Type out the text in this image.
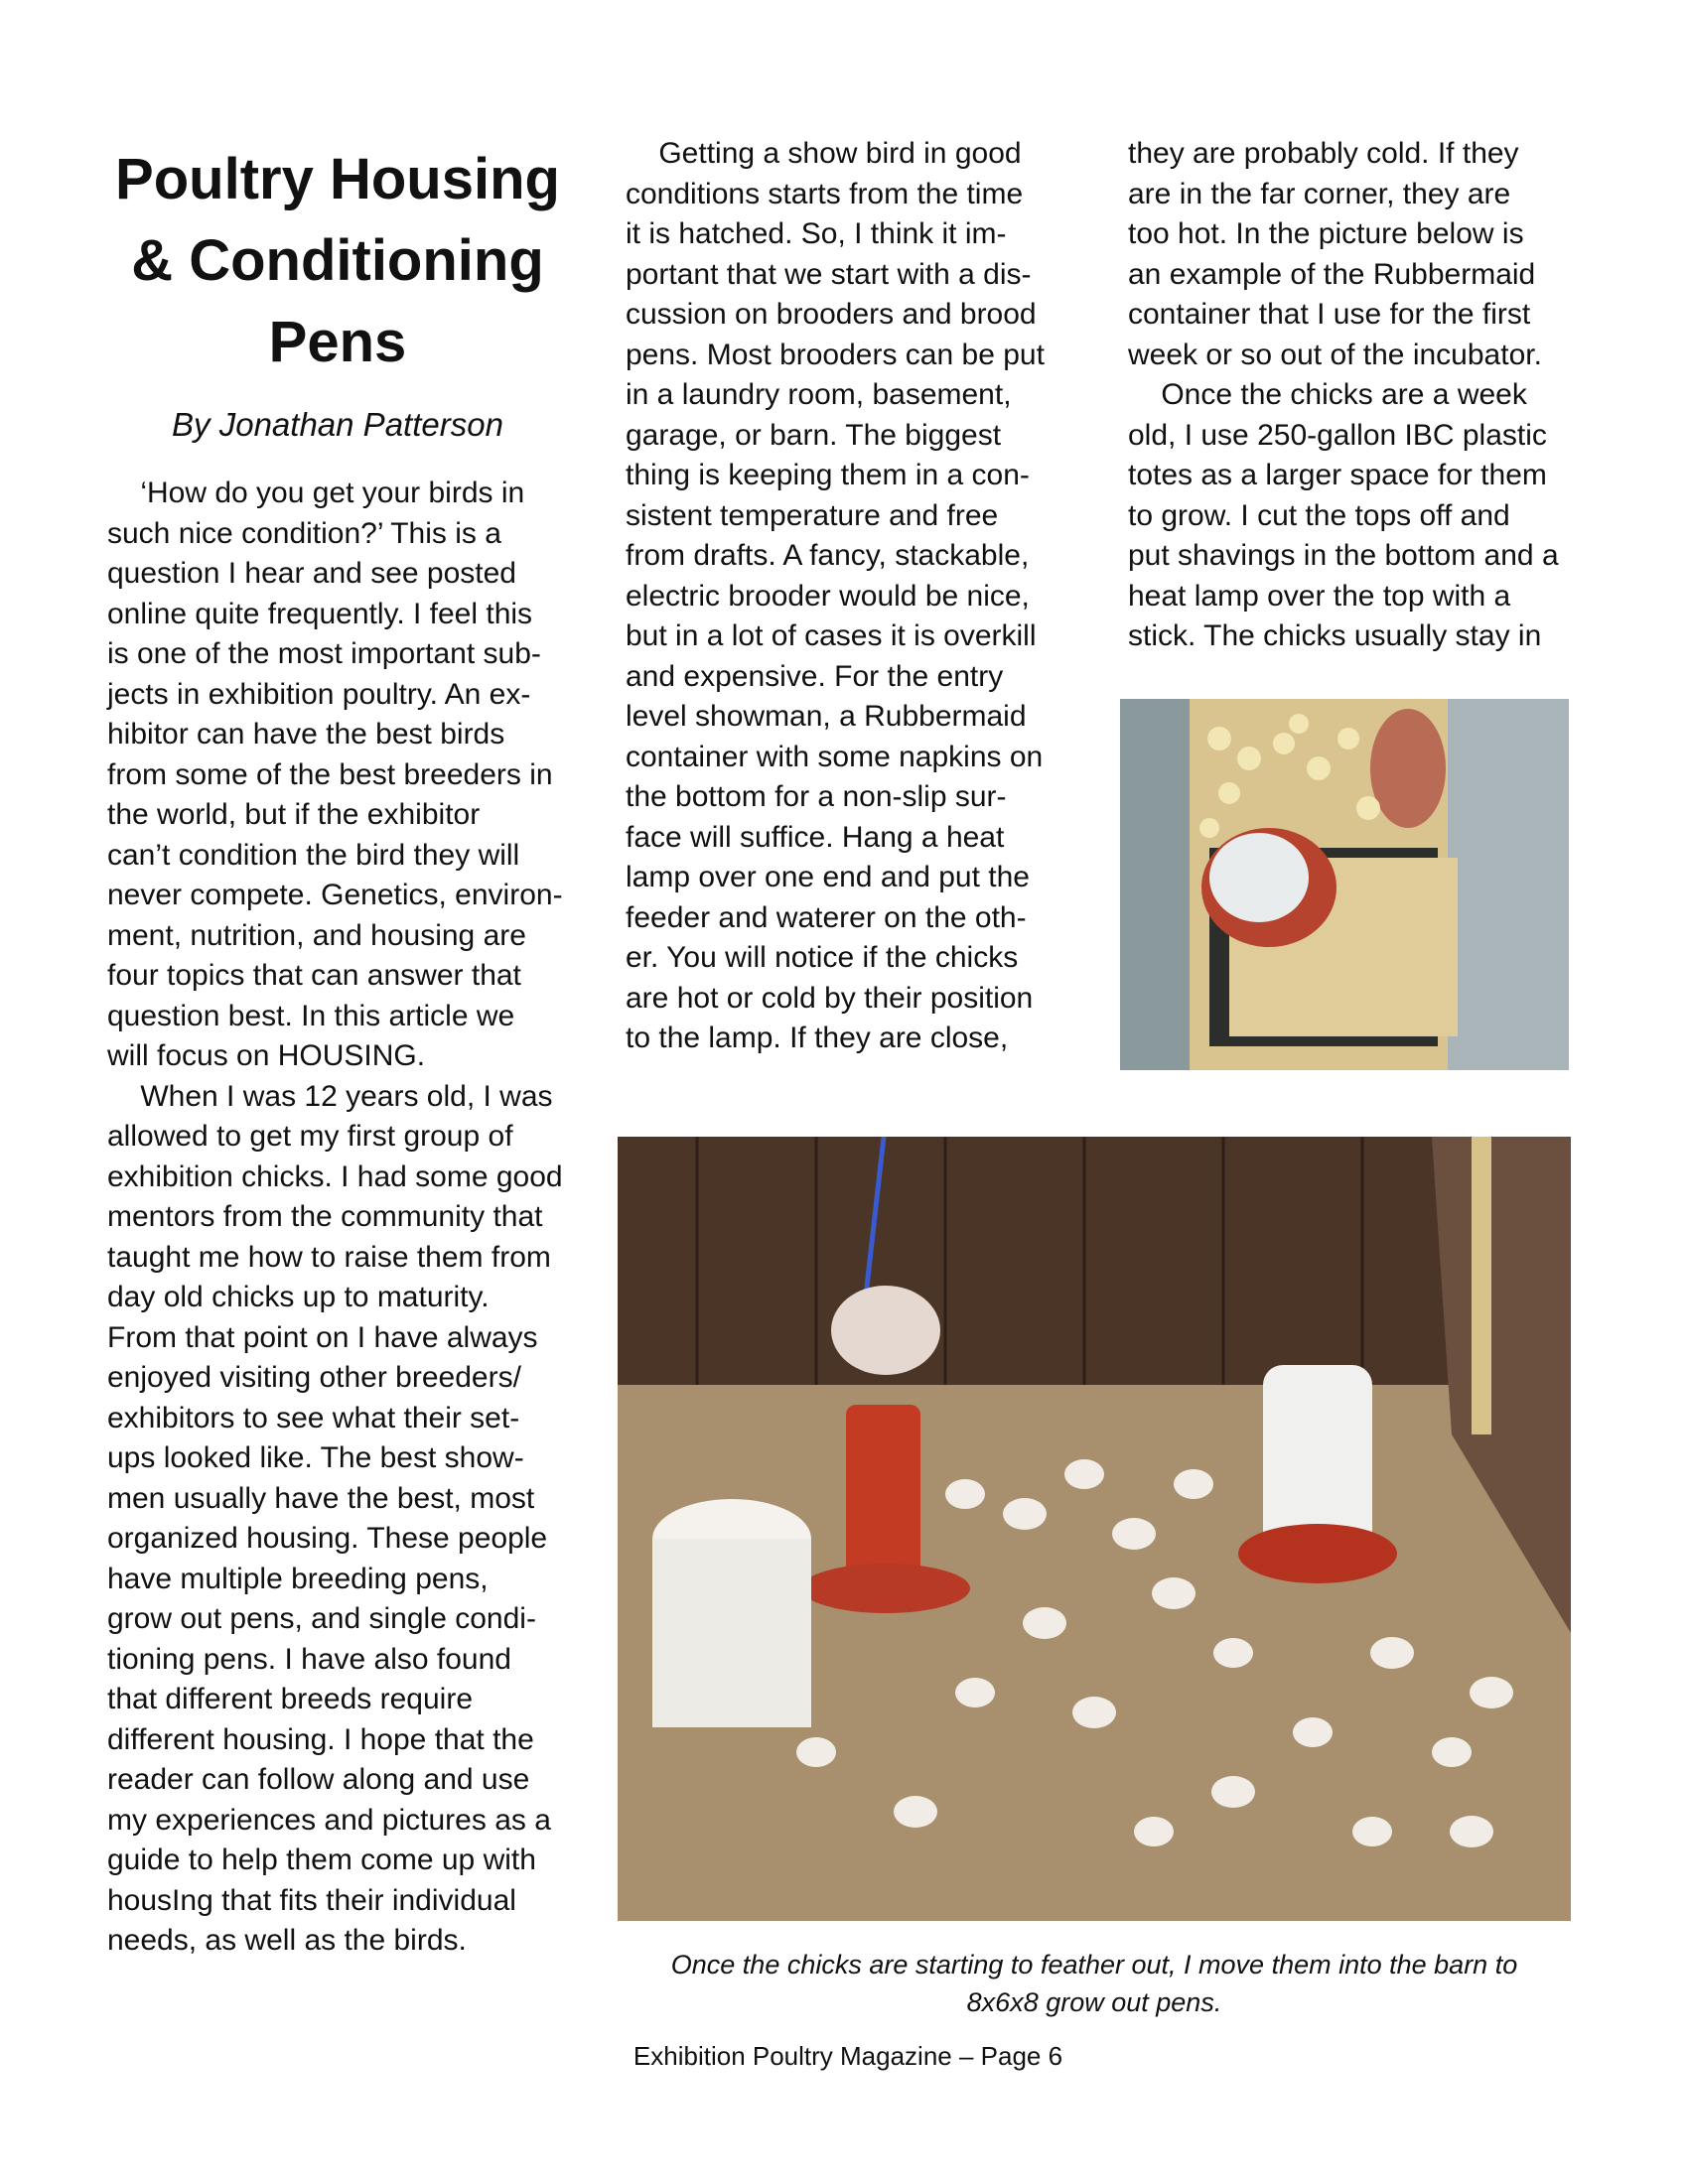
Poultry Housing
& Conditioning
Pens
By Jonathan Patterson

‘How do you get your birds in

such nice condition?’ This is a

question I hear and see posted

online quite frequently. I feel this

is one of the most important sub-

jects in exhibition poultry. An ex-

hibitor can have the best birds

from some of the best breeders in

the world, but if the exhibitor

can’t condition the bird they will

never compete. Genetics, environ-

ment, nutrition, and housing are

four topics that can answer that

question best. In this article we

will focus on HOUSING.

When I was 12 years old, I was

allowed to get my first group of

exhibition chicks. I had some good

mentors from the community that

taught me how to raise them from

day old chicks up to maturity.

From that point on I have always

enjoyed visiting other breeders/

exhibitors to see what their set-

ups looked like. The best show-

men usually have the best, most

organized housing. These people

have multiple breeding pens,

grow out pens, and single condi-

tioning pens. I have also found

that different breeds require

different housing. I hope that the

reader can follow along and use

my experiences and pictures as a

guide to help them come up with

housIng that fits their individual

needs, as well as the birds.

Getting a show bird in good

conditions starts from the time

it is hatched. So, I think it im-

portant that we start with a dis-

cussion on brooders and brood

pens. Most brooders can be put

in a laundry room, basement,

garage, or barn. The biggest

thing is keeping them in a con-

sistent temperature and free

from drafts. A fancy, stackable,

electric brooder would be nice,

but in a lot of cases it is overkill

and expensive. For the entry

level showman, a Rubbermaid

container with some napkins on

the bottom for a non-slip sur-

face will suffice. Hang a heat

lamp over one end and put the

feeder and waterer on the oth-

er. You will notice if the chicks

are hot or cold by their position

to the lamp. If they are close,

they are probably cold. If they

are in the far corner, they are

too hot. In the picture below is

an example of the Rubbermaid

container that I use for the first

week or so out of the incubator.

Once the chicks are a week

old, I use 250-gallon IBC plastic

totes as a larger space for them

to grow. I cut the tops off and

put shavings in the bottom and a

heat lamp over the top with a

stick. The chicks usually stay in

Once the chicks are starting to feather out, I move them into the barn to
8x6x8 grow out pens.
Exhibition Poultry Magazine – Page 6
